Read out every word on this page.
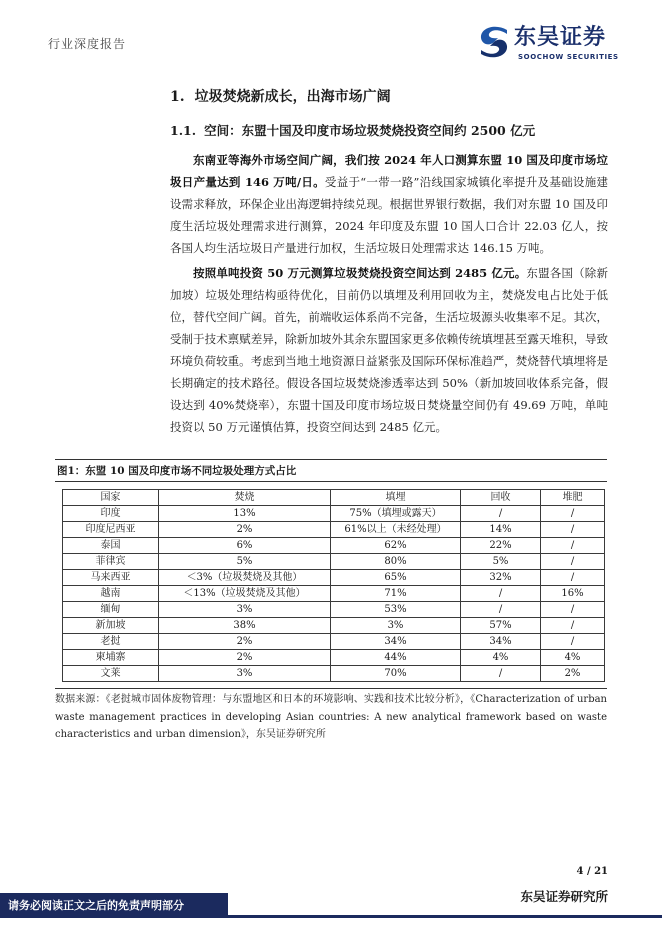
行业深度报告	东吴证券
SOOCHOW SECURITIES
1. 垃圾焚烧新成长，出海市场广阔
1.1. 空间：东盟十国及印度市场垃圾焚烧投资空间约 2500 亿元

东南亚等海外市场空间广阔，我们按 2024 年人口测算东盟 10 国及印度市场垃圾日产量达到 146 万吨/日。受益于“一带一路”沿线国家城镇化率提升及基础设施建设需求释放，环保企业出海逻辑持续兑现。根据世界银行数据，我们对东盟 10 国及印度生活垃圾处理需求进行测算，2024 年印度及东盟 10 国人口合计 22.03 亿人，按各国人均生活垃圾日产量进行加权，生活垃圾日处理需求达 146.15 万吨。

按照单吨投资 50 万元测算垃圾焚烧投资空间达到 2485 亿元。东盟各国（除新加坡）垃圾处理结构亟待优化，目前仍以填埋及利用回收为主，焚烧发电占比处于低位，替代空间广阔。首先，前端收运体系尚不完备，生活垃圾源头收集率不足。其次，受制于技术禀赋差异，除新加坡外其余东盟国家更多依赖传统填埋甚至露天堆积，导致环境负荷较重。考虑到当地土地资源日益紧张及国际环保标准趋严，焚烧替代填埋将是长期确定的技术路径。假设各国垃圾焚烧渗透率达到 50%（新加坡回收体系完备，假设达到 40%焚烧率），东盟十国及印度市场垃圾日焚烧量空间仍有 49.69 万吨，单吨投资以 50 万元谨慎估算，投资空间达到 2485 亿元。

图1：东盟 10 国及印度市场不同垃圾处理方式占比
国家	焚烧	填埋	回收	堆肥
印度	13%	75%（填埋或露天）	/	/
印度尼西亚	2%	61%以上（未经处理）	14%	/
泰国	6%	62%	22%	/
菲律宾	5%	80%	5%	/
马来西亚	＜3%（垃圾焚烧及其他）	65%	32%	/
越南	＜13%（垃圾焚烧及其他）	71%	/	16%
缅甸	3%	53%	/	/
新加坡	38%	3%	57%	/
老挝	2%	34%	34%	/
柬埔寨	2%	44%	4%	4%
文莱	3%	70%	/	2%

数据来源：《老挝城市固体废物管理：与东盟地区和日本的环境影响、实践和技术比较分析》，《Characterization of urban waste management practices in developing Asian countries: A new analytical framework based on waste characteristics and urban dimension》，东吴证券研究所

4 / 21
东吴证券研究所
请务必阅读正文之后的免责声明部分
